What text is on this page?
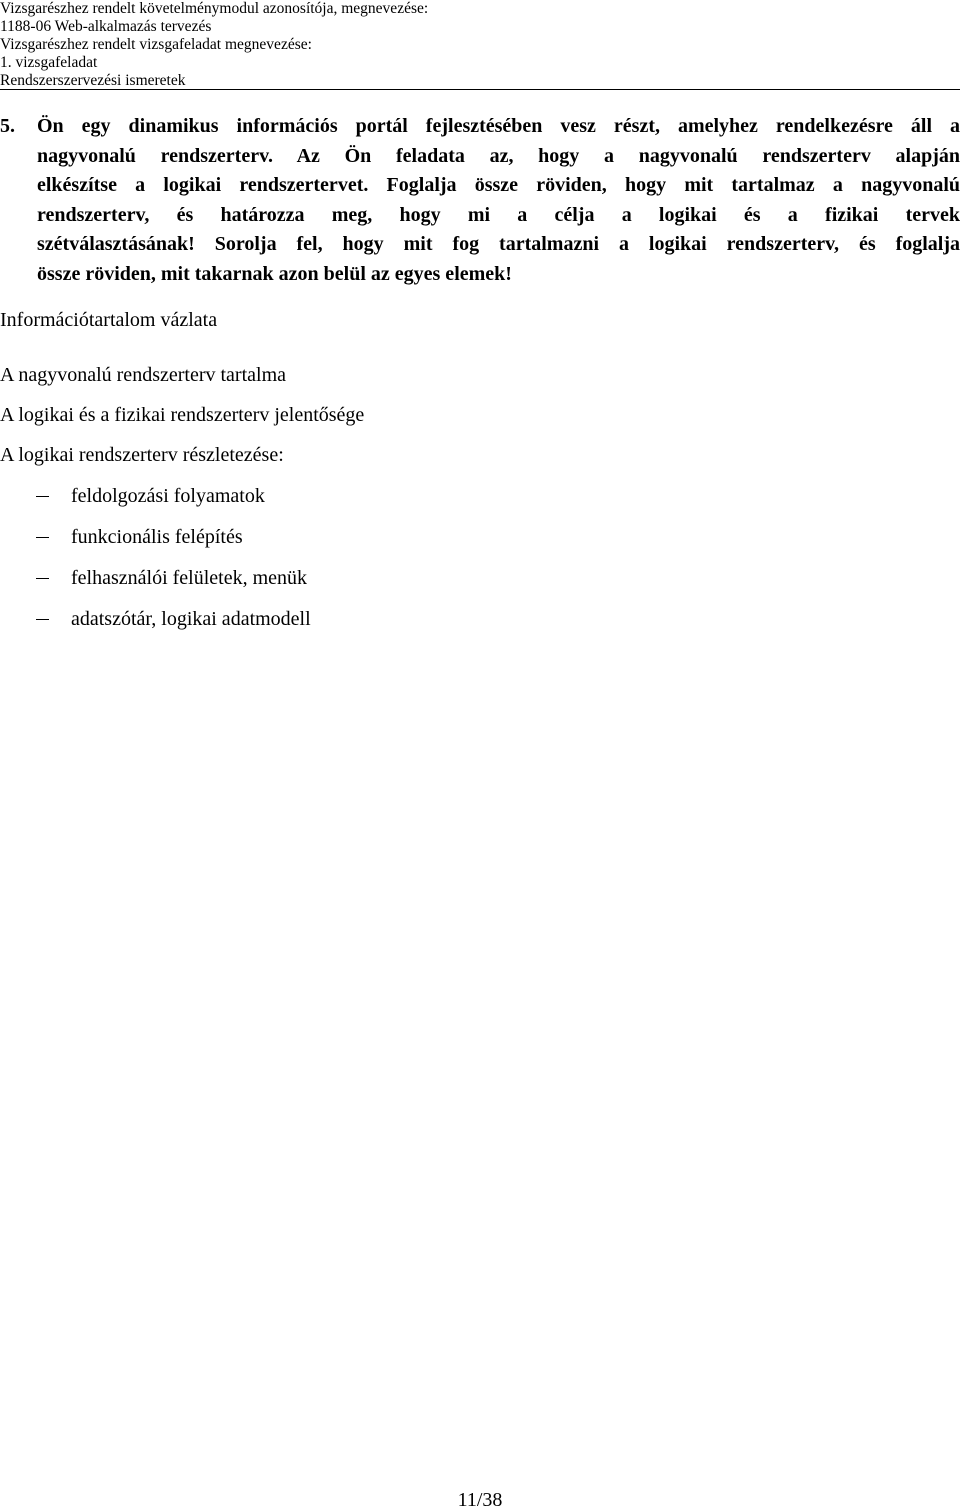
Vizsgarészhez rendelt követelménymodul azonosítója, megnevezése:
1188-06 Web-alkalmazás tervezés
Vizsgarészhez rendelt vizsgafeladat megnevezése:
1. vizsgafeladat
Rendszerszervezési ismeretek
5. Ön egy dinamikus információs portál fejlesztésében vesz részt, amelyhez rendelkezésre áll a
nagyvonalú rendszerterv. Az Ön feladata az, hogy a nagyvonalú rendszerterv alapján
elkészítse a logikai rendszertervet. Foglalja össze röviden, hogy mit tartalmaz a nagyvonalú
rendszerterv, és határozza meg, hogy mi a célja a logikai és a fizikai tervek
szétválasztásának! Sorolja fel, hogy mit fog tartalmazni a logikai rendszerterv, és foglalja
össze röviden, mit takarnak azon belül az egyes elemek!
Információtartalom vázlata
A nagyvonalú rendszerterv tartalma
A logikai és a fizikai rendszerterv jelentősége
A logikai rendszerterv részletezése:
feldolgozási folyamatok
funkcionális felépítés
felhasználói felületek, menük
adatszótár, logikai adatmodell
11/38
